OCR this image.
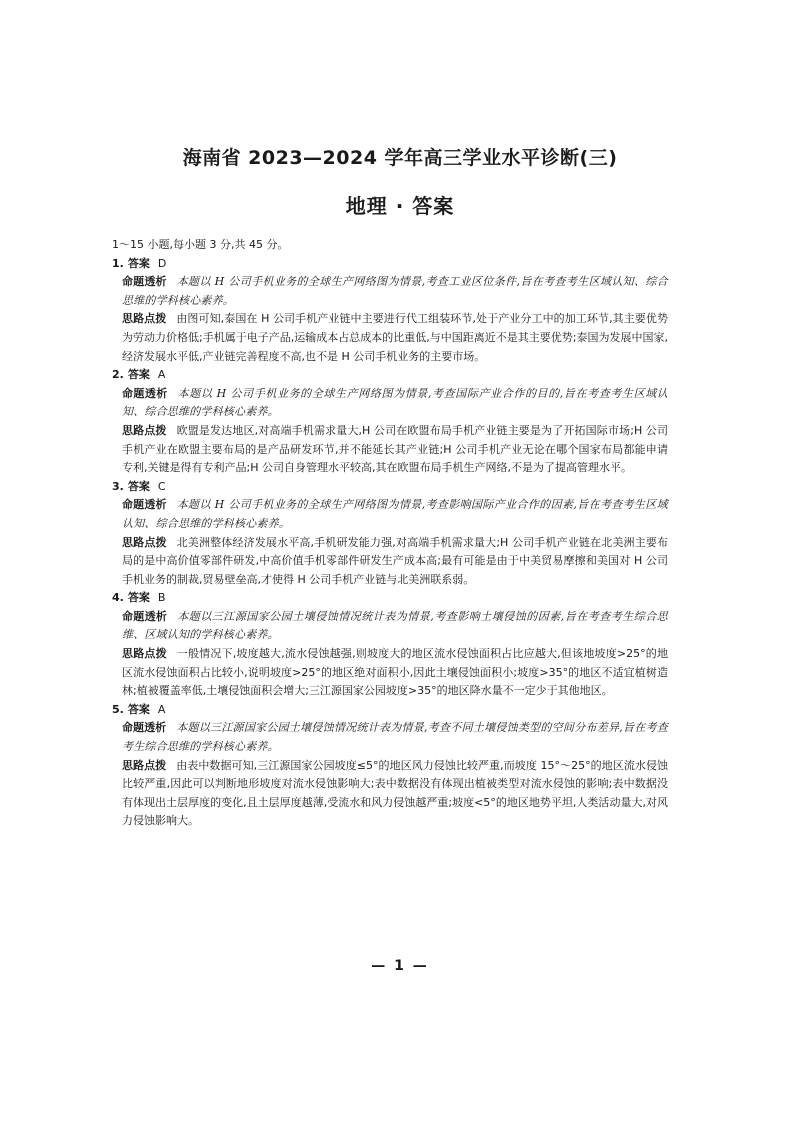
海南省 2023—2024 学年高三学业水平诊断(三)
地理 · 答案

1～15 小题,每小题 3 分,共 45 分。

1. 答案 D

命题透析 本题以 H 公司手机业务的全球生产网络图为情景,考查工业区位条件,旨在考查考生区域认知、综合思维的学科核心素养。

思路点拨 由图可知,泰国在 H 公司手机产业链中主要进行代工组装环节,处于产业分工中的加工环节,其主要优势为劳动力价格低;手机属于电子产品,运输成本占总成本的比重低,与中国距离近不是其主要优势;泰国为发展中国家,经济发展水平低,产业链完善程度不高,也不是 H 公司手机业务的主要市场。

2. 答案 A

命题透析 本题以 H 公司手机业务的全球生产网络图为情景,考查国际产业合作的目的,旨在考查考生区域认知、综合思维的学科核心素养。

思路点拨 欧盟是发达地区,对高端手机需求量大,H 公司在欧盟布局手机产业链主要是为了开拓国际市场;H 公司手机产业在欧盟主要布局的是产品研发环节,并不能延长其产业链;H 公司手机产业无论在哪个国家布局都能申请专利,关键是得有专利产品;H 公司自身管理水平较高,其在欧盟布局手机生产网络,不是为了提高管理水平。

3. 答案 C

命题透析 本题以 H 公司手机业务的全球生产网络图为情景,考查影响国际产业合作的因素,旨在考查考生区域认知、综合思维的学科核心素养。

思路点拨 北美洲整体经济发展水平高,手机研发能力强,对高端手机需求量大;H 公司手机产业链在北美洲主要布局的是中高价值零部件研发,中高价值手机零部件研发生产成本高;最有可能是由于中美贸易摩擦和美国对 H 公司手机业务的制裁,贸易壁垒高,才使得 H 公司手机产业链与北美洲联系弱。

4. 答案 B

命题透析 本题以三江源国家公园土壤侵蚀情况统计表为情景,考查影响土壤侵蚀的因素,旨在考查考生综合思维、区域认知的学科核心素养。

思路点拨 一般情况下,坡度越大,流水侵蚀越强,则坡度大的地区流水侵蚀面积占比应越大,但该地坡度>25°的地区流水侵蚀面积占比较小,说明坡度>25°的地区绝对面积小,因此土壤侵蚀面积小;坡度>35°的地区不适宜植树造林;植被覆盖率低,土壤侵蚀面积会增大;三江源国家公园坡度>35°的地区降水量不一定少于其他地区。

5. 答案 A

命题透析 本题以三江源国家公园土壤侵蚀情况统计表为情景,考查不同土壤侵蚀类型的空间分布差异,旨在考查考生综合思维的学科核心素养。

思路点拨 由表中数据可知,三江源国家公园坡度≤5°的地区风力侵蚀比较严重,而坡度 15°～25°的地区流水侵蚀比较严重,因此可以判断地形坡度对流水侵蚀影响大;表中数据没有体现出植被类型对流水侵蚀的影响;表中数据没有体现出土层厚度的变化,且土层厚度越薄,受流水和风力侵蚀越严重;坡度<5°的地区地势平坦,人类活动量大,对风力侵蚀影响大。

— 1 —
